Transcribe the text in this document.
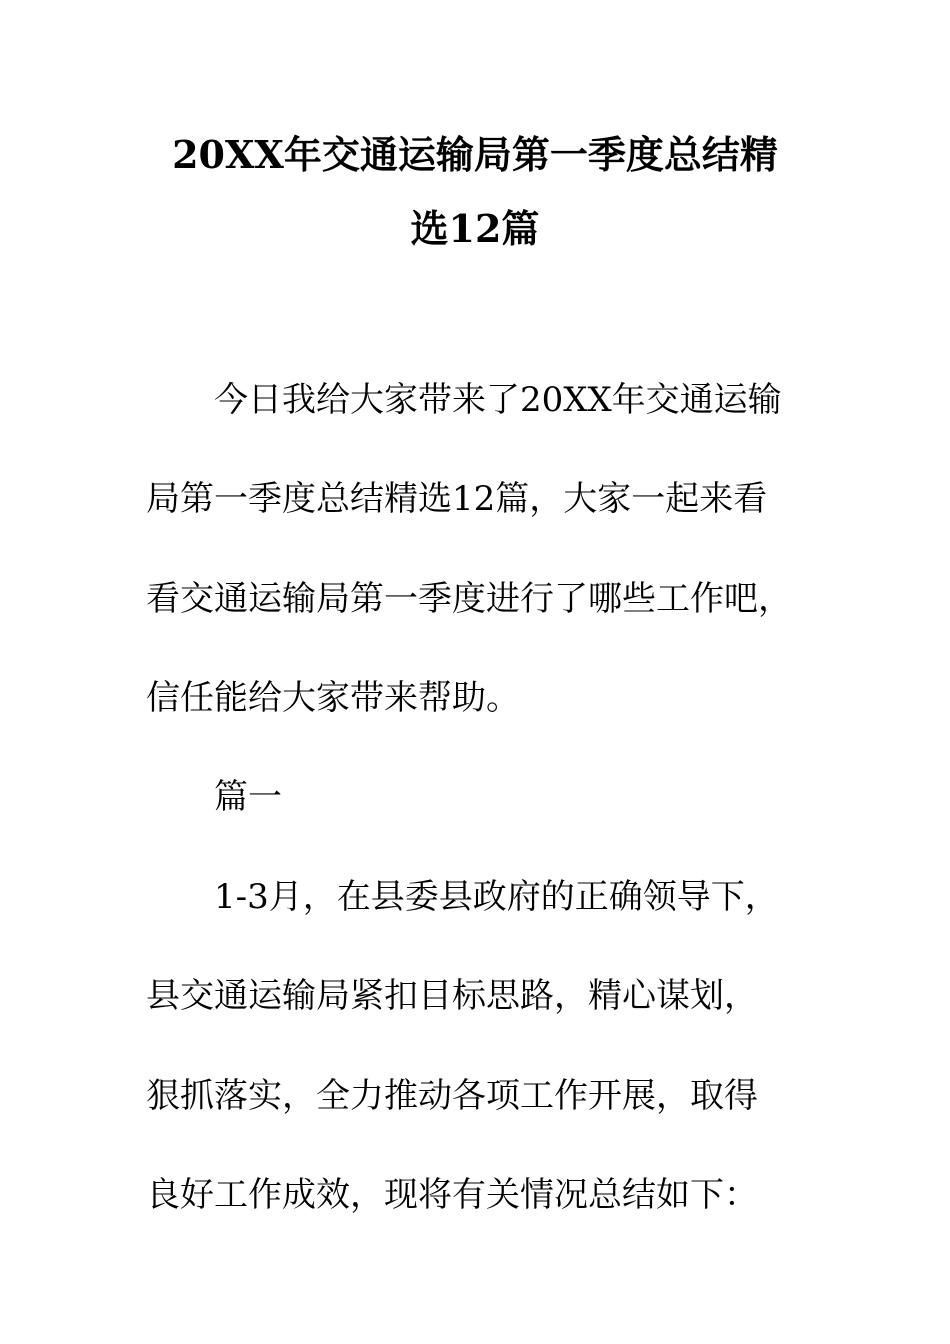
20XX年交通运输局第一季度总结精
选12篇
今日我给大家带来了20XX年交通运输
局第一季度总结精选12篇，大家一起来看
看交通运输局第一季度进行了哪些工作吧，
信任能给大家带来帮助。
篇一
1-3月，在县委县政府的正确领导下，
县交通运输局紧扣目标思路，精心谋划，
狠抓落实，全力推动各项工作开展，取得
良好工作成效，现将有关情况总结如下：
